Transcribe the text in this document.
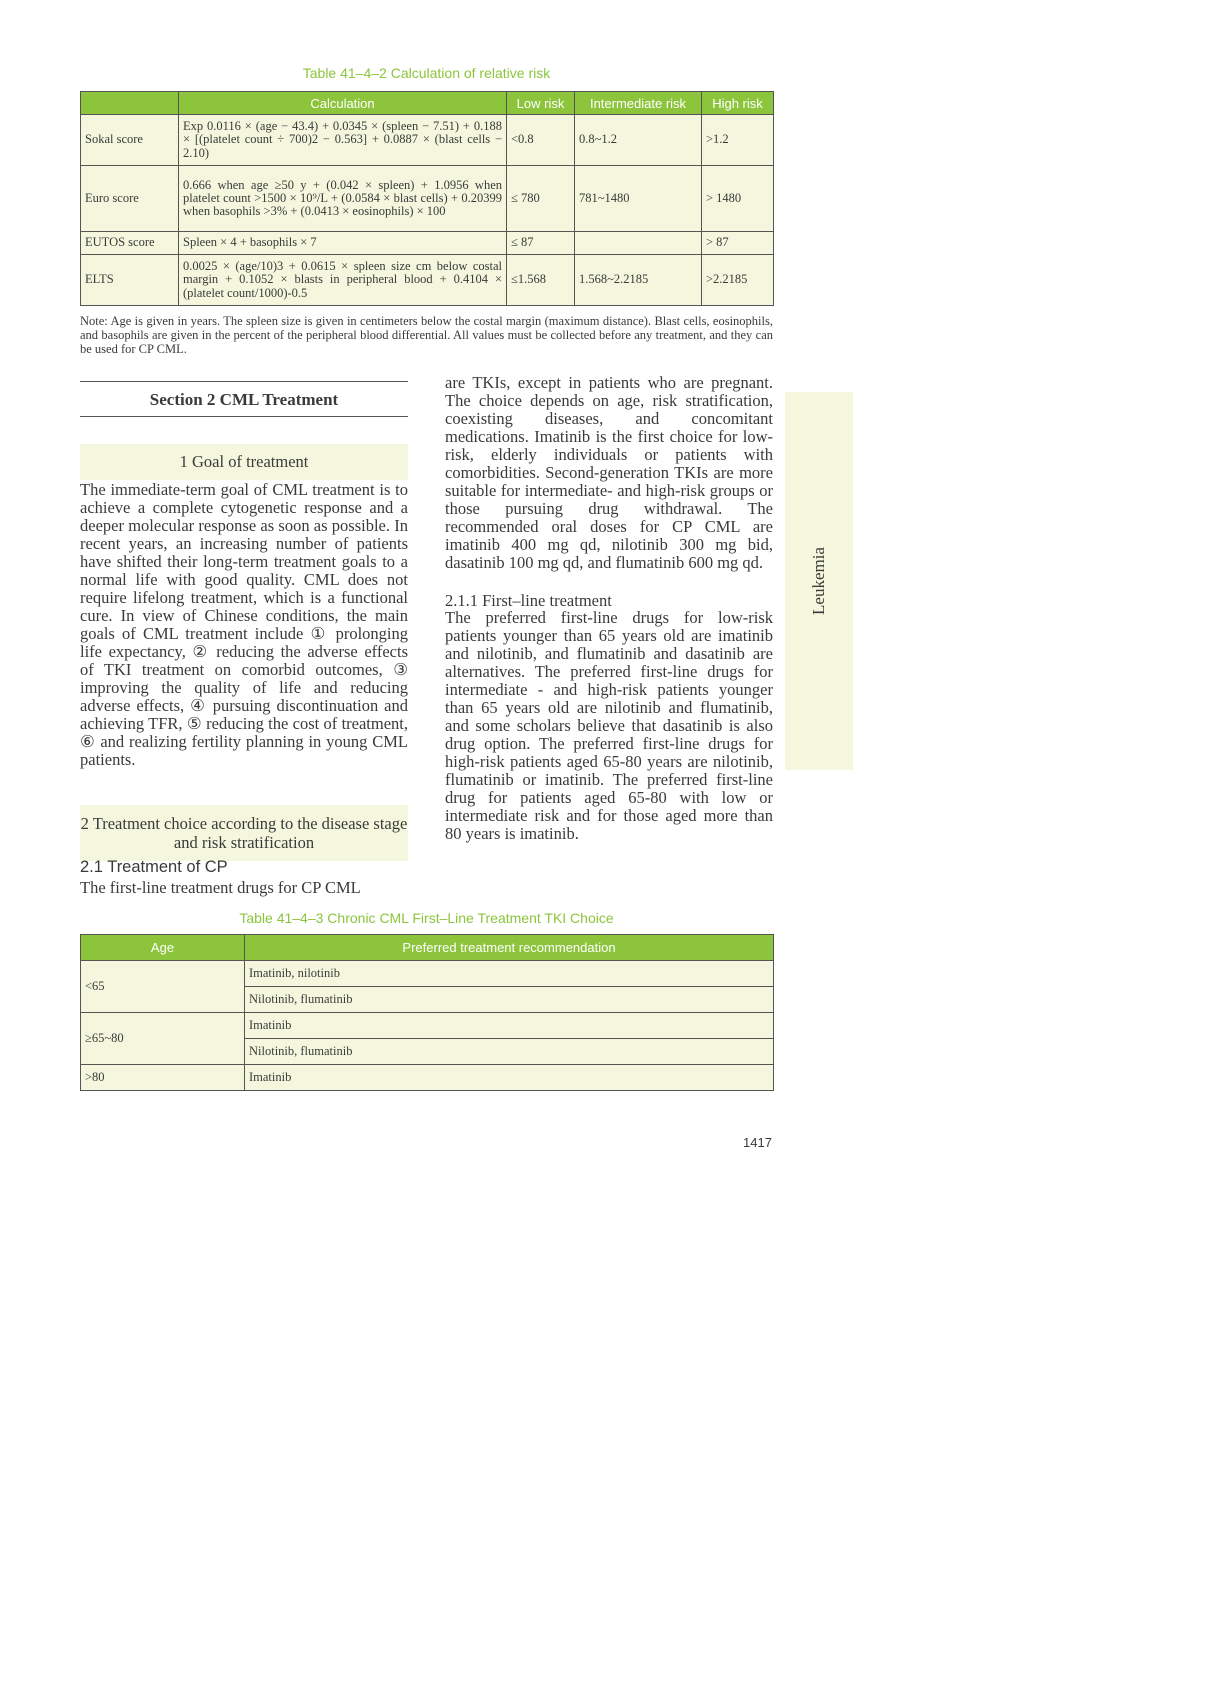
Table 41–4–2 Calculation of relative risk
	Calculation	Low risk	Intermediate risk	High risk
Sokal score	Exp 0.0116 × (age − 43.4) + 0.0345 × (spleen − 7.51) + 0.188 × [(platelet count ÷ 700)2 − 0.563] + 0.0887 × (blast cells − 2.10)	<0.8	0.8~1.2	>1.2
Euro score	0.666 when age ≥50 y + (0.042 × spleen) + 1.0956 when platelet count >1500 × 10⁹/L + (0.0584 × blast cells) + 0.20399 when basophils >3% + (0.0413 × eosinophils) × 100	≤ 780	781~1480	> 1480
EUTOS score	Spleen × 4 + basophils × 7	≤ 87		> 87
ELTS	0.0025 × (age/10)3 + 0.0615 × spleen size cm below costal margin + 0.1052 × blasts in peripheral blood + 0.4104 × (platelet count/1000)-0.5	≤1.568	1.568~2.2185	>2.2185
Note: Age is given in years. The spleen size is given in centimeters below the costal margin (maximum distance). Blast cells, eosinophils, and basophils are given in the percent of the peripheral blood differential. All values must be collected before any treatment, and they can be used for CP CML.
Section 2 CML Treatment
1 Goal of treatment

The immediate-term goal of CML treatment is to achieve a complete cytogenetic response and a deeper molecular response as soon as possible. In recent years, an increasing number of patients have shifted their long-term treatment goals to a normal life with good quality. CML does not require lifelong treatment, which is a functional cure. In view of Chinese conditions, the main goals of CML treatment include ① prolonging life expectancy, ② reducing the adverse effects of TKI treatment on comorbid outcomes, ③ improving the quality of life and reducing adverse effects, ④ pursuing discontinuation and achieving TFR, ⑤ reducing the cost of treatment, ⑥ and realizing fertility planning in young CML patients.

2 Treatment choice according to the disease stage and risk stratification
2.1 Treatment of CP

The first-line treatment drugs for CP CML

are TKIs, except in patients who are pregnant. The choice depends on age, risk stratification, coexisting diseases, and concomitant medications. Imatinib is the first choice for low-risk, elderly individuals or patients with comorbidities. Second-generation TKIs are more suitable for intermediate- and high-risk groups or those pursuing drug withdrawal. The recommended oral doses for CP CML are imatinib 400 mg qd, nilotinib 300 mg bid, dasatinib 100 mg qd, and flumatinib 600 mg qd.

2.1.1 First–line treatment

The preferred first-line drugs for low-risk patients younger than 65 years old are imatinib and nilotinib, and flumatinib and dasatinib are alternatives. The preferred first-line drugs for intermediate - and high-risk patients younger than 65 years old are nilotinib and flumatinib, and some scholars believe that dasatinib is also drug option. The preferred first-line drugs for high-risk patients aged 65-80 years are nilotinib, flumatinib or imatinib. The preferred first-line drug for patients aged 65-80 with low or intermediate risk and for those aged more than 80 years is imatinib.

Leukemia
Table 41–4–3 Chronic CML First–Line Treatment TKI Choice
Age	Preferred treatment recommendation
<65	Imatinib, nilotinib
	Nilotinib, flumatinib
≥65~80	Imatinib
	Nilotinib, flumatinib
>80	Imatinib
1417
